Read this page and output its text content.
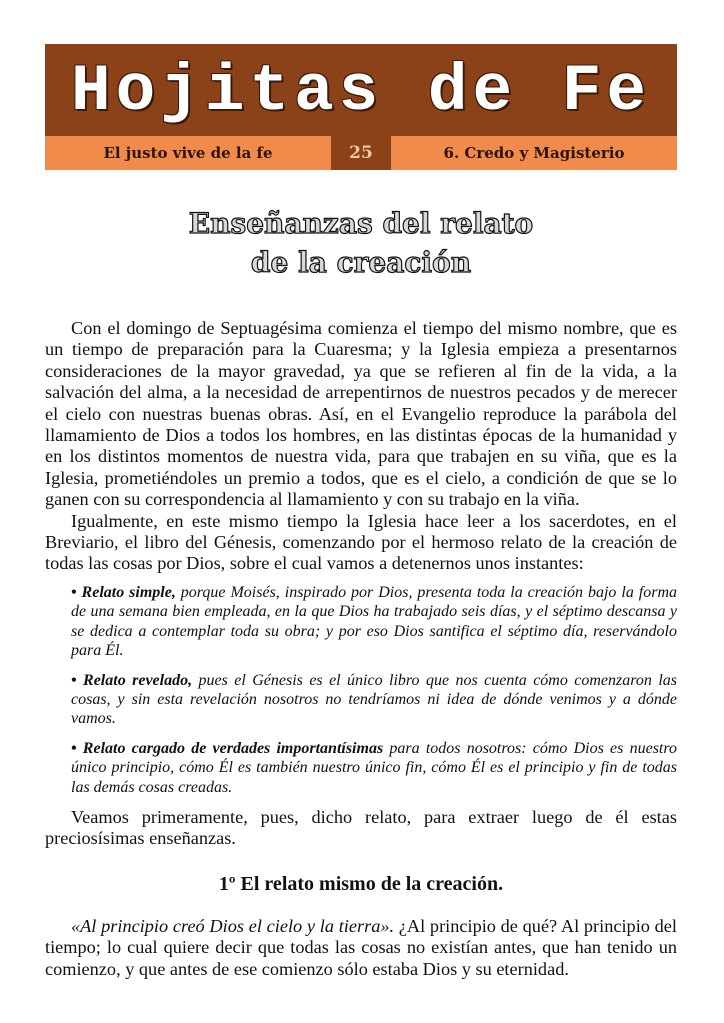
Hojitas de Fe
El justo vive de la fe	25	6. Credo y Magisterio
Enseñanzas del relato
de la creación

Con el domingo de Septuagésima comienza el tiempo del mismo nombre, que es un tiempo de preparación para la Cuaresma; y la Iglesia empieza a presentarnos consideraciones de la mayor gravedad, ya que se refieren al fin de la vida, a la salvación del alma, a la necesidad de arrepentirnos de nuestros pecados y de merecer el cielo con nuestras buenas obras. Así, en el Evangelio reproduce la parábola del llamamiento de Dios a todos los hombres, en las distintas épocas de la humanidad y en los distintos momentos de nuestra vida, para que trabajen en su viña, que es la Iglesia, prometiéndoles un premio a todos, que es el cielo, a condición de que se lo ganen con su correspondencia al llamamiento y con su trabajo en la viña.

Igualmente, en este mismo tiempo la Iglesia hace leer a los sacerdotes, en el Breviario, el libro del Génesis, comenzando por el hermoso relato de la creación de todas las cosas por Dios, sobre el cual vamos a detenernos unos instantes:

• Relato simple, porque Moisés, inspirado por Dios, presenta toda la creación bajo la forma de una semana bien empleada, en la que Dios ha trabajado seis días, y el séptimo descansa y se dedica a contemplar toda su obra; y por eso Dios santifica el séptimo día, reservándolo para Él.

• Relato revelado, pues el Génesis es el único libro que nos cuenta cómo comenzaron las cosas, y sin esta revelación nosotros no tendríamos ni idea de dónde venimos y a dónde vamos.

• Relato cargado de verdades importantísimas para todos nosotros: cómo Dios es nuestro único principio, cómo Él es también nuestro único fin, cómo Él es el principio y fin de todas las demás cosas creadas.

Veamos primeramente, pues, dicho relato, para extraer luego de él estas preciosísimas enseñanzas.

1º El relato mismo de la creación.

«Al principio creó Dios el cielo y la tierra». ¿Al principio de qué? Al principio del tiempo; lo cual quiere decir que todas las cosas no existían antes, que han tenido un comienzo, y que antes de ese comienzo sólo estaba Dios y su eternidad.
